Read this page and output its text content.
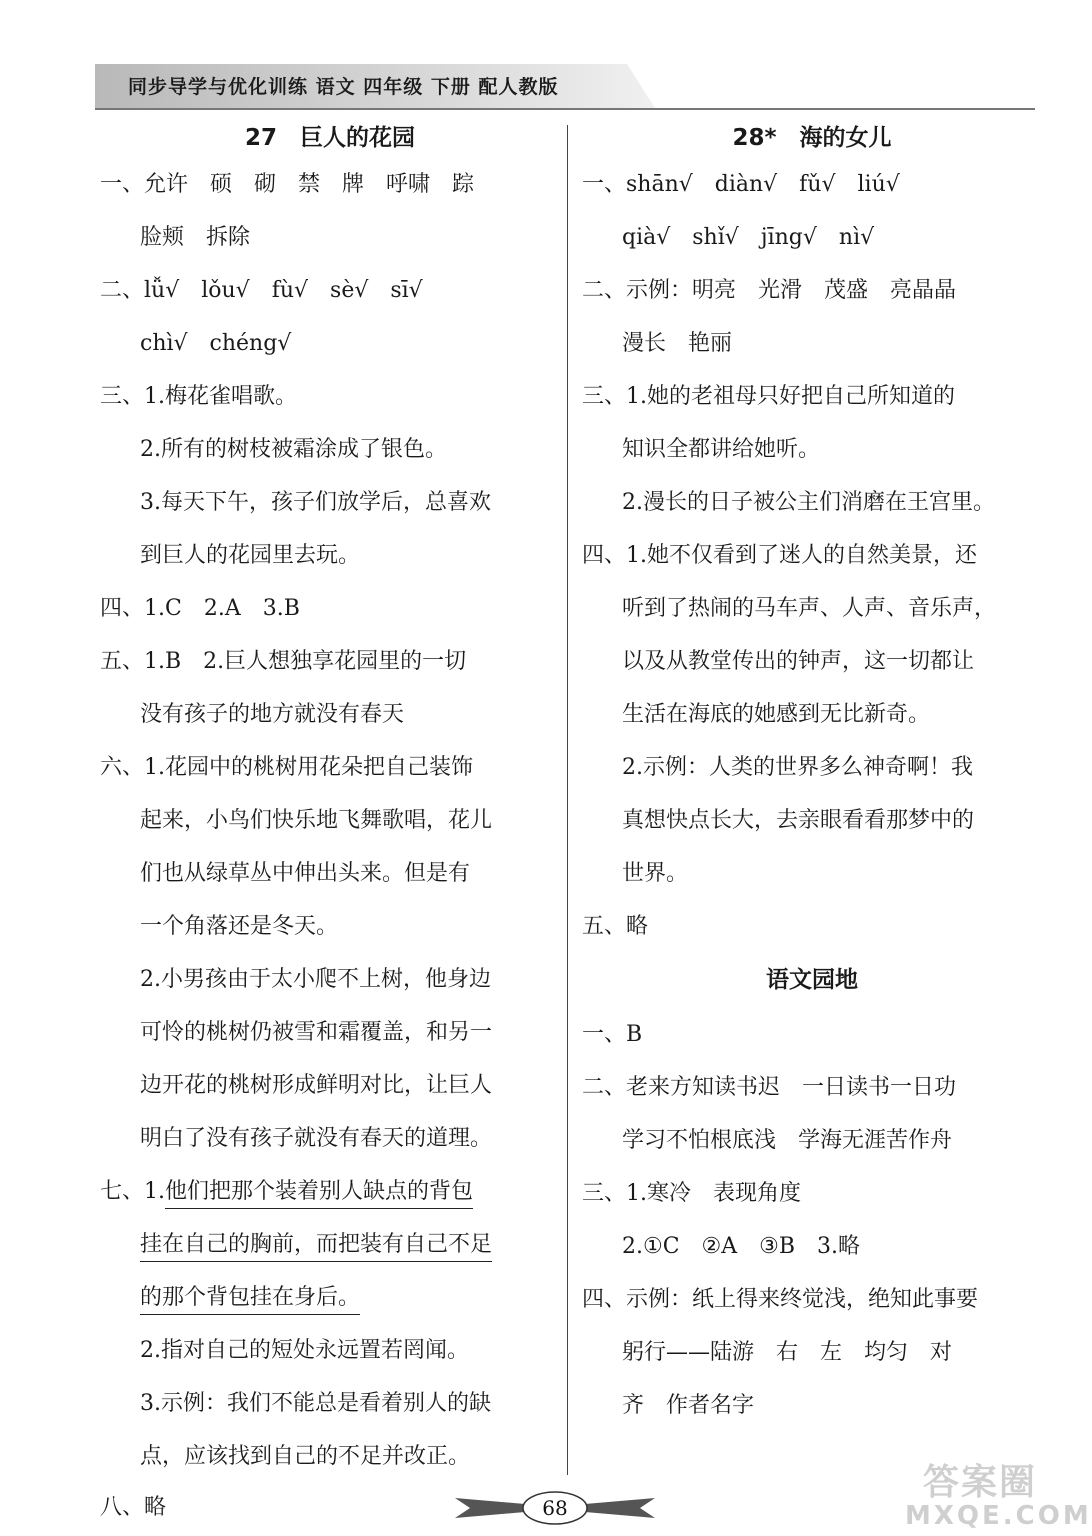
同步导学与优化训练 语文 四年级 下册 配人教版
27　巨人的花园
一、允许　硕　砌　禁　牌　呼啸　踪
脸颊　拆除
二、lǚ√　lǒu√　fù√　sè√　sī√
chì√　chéng√
三、1.梅花雀唱歌。
2.所有的树枝被霜涂成了银色。
3.每天下午，孩子们放学后，总喜欢
到巨人的花园里去玩。
四、1.C　2.A　3.B
五、1.B　2.巨人想独享花园里的一切
没有孩子的地方就没有春天
六、1.花园中的桃树用花朵把自己装饰
起来，小鸟们快乐地飞舞歌唱，花儿
们也从绿草丛中伸出头来。但是有
一个角落还是冬天。
2.小男孩由于太小爬不上树，他身边
可怜的桃树仍被雪和霜覆盖，和另一
边开花的桃树形成鲜明对比，让巨人
明白了没有孩子就没有春天的道理。
七、1.他们把那个装着别人缺点的背包
挂在自己的胸前，而把装有自己不足
的那个背包挂在身后。
2.指对自己的短处永远置若罔闻。
3.示例：我们不能总是看着别人的缺
点，应该找到自己的不足并改正。
八、略
28*　海的女儿
一、shān√　diàn√　fǔ√　liú√
qià√　shǐ√　jīng√　nì√
二、示例：明亮　光滑　茂盛　亮晶晶
漫长　艳丽
三、1.她的老祖母只好把自己所知道的
知识全都讲给她听。
2.漫长的日子被公主们消磨在王宫里。
四、1.她不仅看到了迷人的自然美景，还
听到了热闹的马车声、人声、音乐声，
以及从教堂传出的钟声，这一切都让
生活在海底的她感到无比新奇。
2.示例：人类的世界多么神奇啊！我
真想快点长大，去亲眼看看那梦中的
世界。
五、略
语文园地
一、B
二、老来方知读书迟　一日读书一日功
学习不怕根底浅　学海无涯苦作舟
三、1.寒冷　表现角度
2.①C　②A　③B　3.略
四、示例：纸上得来终觉浅，绝知此事要
躬行——陆游　右　左　均匀　对
齐　作者名字
68
答案圈
MXQE.COM
